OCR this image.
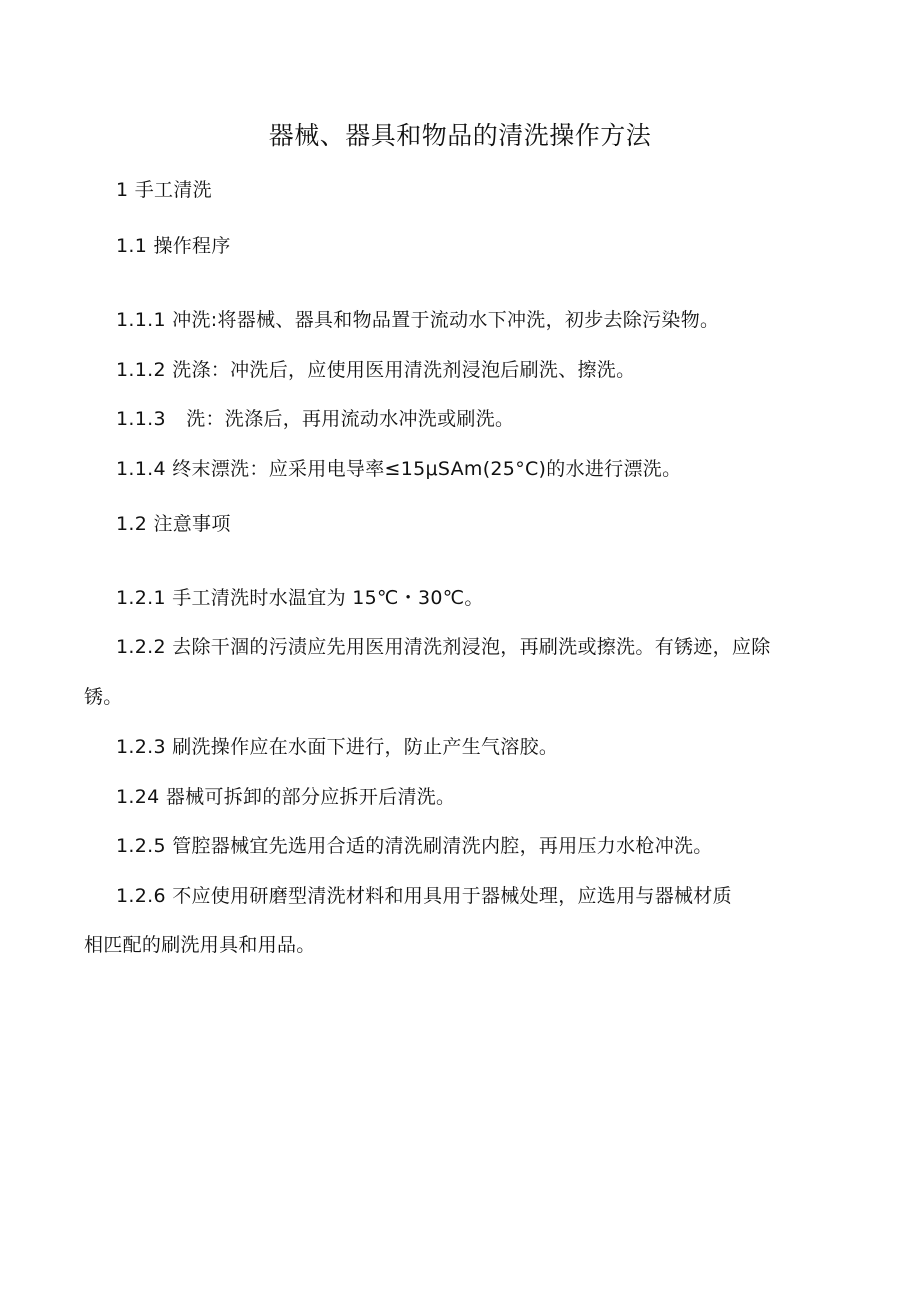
器械、器具和物品的清洗操作方法
1 手工清洗
1.1 操作程序
1.1.1 冲洗:将器械、器具和物品置于流动水下冲洗，初步去除污染物。
1.1.2 洗涤：冲洗后，应使用医用清洗剂浸泡后刷洗、擦洗。
1.1.3 洗：洗涤后，再用流动水冲洗或刷洗。
1.1.4 终末漂洗：应采用电导率≤15μSAm(25°C)的水进行漂洗。
1.2 注意事项
1.2.1 手工清洗时水温宜为 15℃・30℃。
1.2.2 去除干涸的污渍应先用医用清洗剂浸泡，再刷洗或擦洗。有锈迹，应除
锈。
1.2.3 刷洗操作应在水面下进行，防止产生气溶胶。
1.24 器械可拆卸的部分应拆开后清洗。
1.2.5 管腔器械宜先选用合适的清洗刷清洗内腔，再用压力水枪冲洗。
1.2.6 不应使用研磨型清洗材料和用具用于器械处理，应选用与器械材质
相匹配的刷洗用具和用品。
